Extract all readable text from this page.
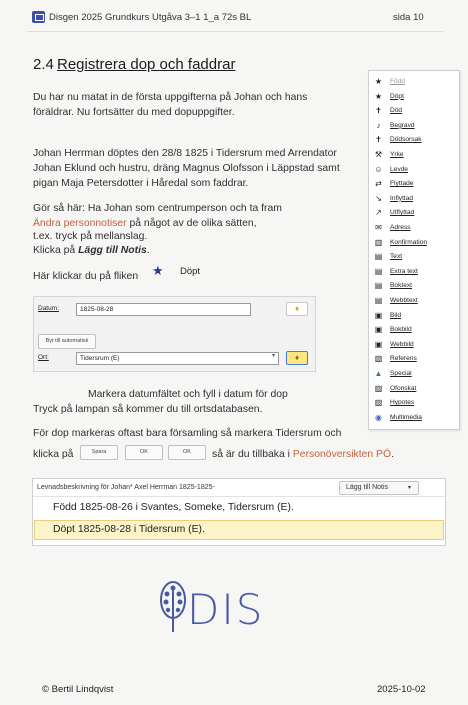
Disgen 2025 Grundkurs Utgåva 3–1 1_a 72s BL	sida 10
2.4 Registrera dop och faddrar
Du har nu matat in de första uppgifterna på Johan och hans
föräldrar. Nu fortsätter du med dopuppgifter.
Johan Herrman döptes den 28/8 1825 i Tidersrum med Arrendator
Johan Eklund och hustru, dräng Magnus Olofsson i Läppstad samt
pigan Maja Petersdotter i Håredal som faddrar.
Gör så här: Ha Johan som centrumperson och ta fram
Ändra personnotiser på något av de olika sätten,
t.ex. tryck på mellanslag.
Klicka på Lägg till Notis.
Här klickar du på fliken ★ Döpt
★ Född
★ Döpt
✝ Död
♪	Begravd
✝ Dödsorsak
⚒ Yrke
☺ Levde
⇄ Flyttade
↘ Inflyttad
↗ Utflyttad
✉ Adress
▥ Konfirmation
▤ Text
▤ Extra text
▤ Boktext
▤ Webbtext
▣ Bild
▣ Bokbild
▣ Webbild
▧ Referens
▲ Special
▨ Ofonskat
▨ Hypotes
◉ Multimedia
Datum:	1825-08-28	♦
Byt till automatisk
Ort:	Tidersrum (E)	▾	♦
Markera datumfältet och fyll i datum för dop
Tryck på lampan så kommer du till ortsdatabasen.
För dop markeras oftast bara församling så markera Tidersrum och
klicka på	Spara	OK	OK	så är du tillbaka i Personöversikten PÖ.
Levnadsbeskrivning för Johan* Axel Herrman 1825-1825-	Lägg till Notis	▾
Född 1825-08-26 i Svantes, Someke, Tidersrum (E).
Döpt 1825-08-28 i Tidersrum (E).
DIS
© Bertil Lindqvist	2025-10-02
